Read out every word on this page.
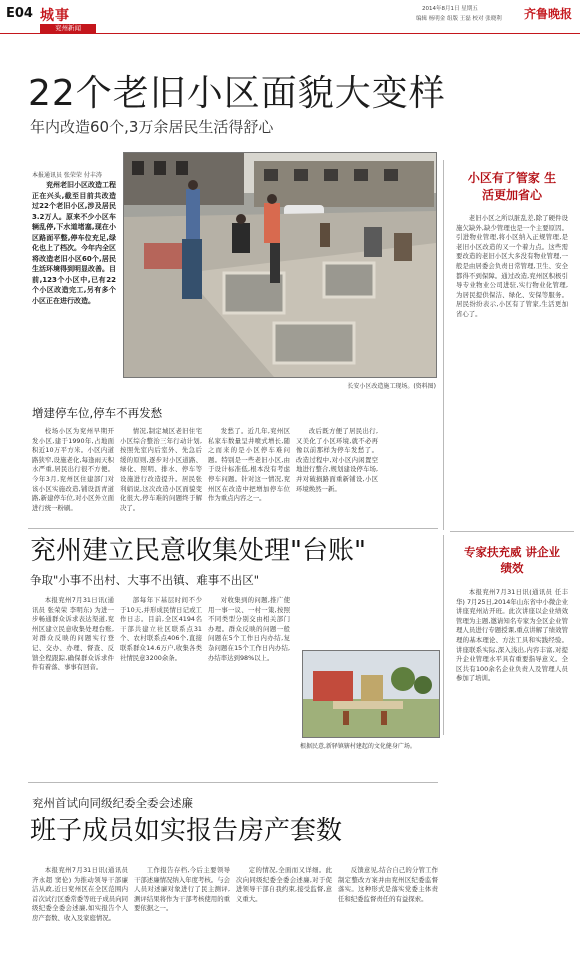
E04 城事
兖州新闻
2014年8月1日 星期五
编辑 杨明金 组版 王磊 校对 张晓利 齐鲁晚报
22个老旧小区面貌大变样
年内改造60个,3万余居民生活得舒心
本报通讯员 张荣荣 付丰涛

兖州老旧小区改造工程正在兴头,截至目前共改造过22个老旧小区,涉及居民3.2万人。原来不少小区车辆乱停,下水道堵塞,现在小区路面平整,停车位充足,绿化也上了档次。今年内全区将改造老旧小区60个,居民生活环境得到明显改善。目前,123个小区中,已有22个小区改造完工,另有多个小区正在进行改造。

长安小区改造施工现场。(资料图)
增建停车位,停车不再发愁

校场小区为兖州早期开发小区,建于1990年,占地面积近10万平方米。小区内道路狭窄,设施老化,每逢雨天积水严重,居民出行很不方便。今年3月,兖州区住建部门对该小区实施改造,铺设沥青道路,新建停车位,对小区外立面进行统一粉刷。

情况,制定城区老旧住宅小区综合整治三年行动计划,按照先室内后室外、先急后缓的原则,逐步对小区道路、绿化、照明、排水、停车等设施进行改造提升。居民张利娟说,这次改造小区面貌变化很大,停车难的问题终于解决了。

发愁了。近几年,兖州区私家车数量呈井喷式增长,随之而来的是小区停车难问题。特别是一些老旧小区,由于设计标准低,根本没有考虑停车问题。针对这一情况,兖州区在改造中把增加停车位作为重点内容之一。

改后既方便了居民出行,又美化了小区环境,就不必再像以前那样为停车发愁了。改造过程中,对小区内闲置空地进行整合,规划建设停车场,并对破损路面重新铺设,小区环境焕然一新。

小区有了管家 生活更加省心

老旧小区之所以脏乱差,除了硬件设施欠缺外,缺少管理也是一个主要原因。引进物业管理,将小区纳入正规管理,是老旧小区改造的又一个着力点。这些需要改造的老旧小区大多没有物业管理,一般是由居委会负责日常管理,卫生、安全都得不到保障。通过改造,兖州区积极引导专业物业公司进驻,实行物业化管理,为居民提供保洁、绿化、安保等服务。居民纷纷表示,小区有了管家,生活更加省心了。

兖州建立民意收集处理"台账"
争取"小事不出村、大事不出镇、难事不出区"

本报兖州7月31日讯(通讯员 张荣荣 李明东) 为进一步畅通群众诉求表达渠道,兖州区建立民意收集处理台账,对群众反映的问题实行登记、交办、办理、督查、反馈全程跟踪,确保群众诉求件件有着落、事事有回音。

部每年下基层时间不少于10天,并形成民情日记或工作日志。目前,全区4194名干部共建立社区联系点31个、农村联系点406个,直接联系群众14.6万户,收集各类社情民意3200余条。

对收集到的问题,推广使用一事一议、一村一策,按照不同类型分别交由相关部门办理。群众反映的问题一般问题在5个工作日内办结,复杂问题在15个工作日内办结,办结率达到98%以上。

根据民意,新驿镇辖村建起的文化健身广场。
专家扶充威 讲企业绩效

本报兖州7月31日讯(通讯员 任丰华) 7月25日,2014年山东省中小微企业讲座兖州站开班。此次讲座以企业绩效管理为主题,邀请知名专家为全区企业管理人员进行专题授课,重点讲解了绩效管理的基本理论、方法工具和实践经验。讲座联系实际,深入浅出,内容丰富,对提升企业管理水平具有重要指导意义。全区共有100余名企业负责人及管理人员参加了培训。

兖州首试向同级纪委全委会述廉
班子成员如实报告房产套数

本报兖州7月31日讯(通讯员 齐永超 窦伦) 为推动领导干部廉洁从政,近日兖州区在全区范围内首次试行区委常委等班子成员向同级纪委全委会述廉,如实报告个人房产套数、收入及家庭情况。

工作报告存档,今后主要领导干部述廉情况纳入年度考核。与会人员对述廉对象进行了民主测评,测评结果将作为干部考核使用的重要依据之一。

定的情况,全面而又详细。此次向同级纪委全委会述廉,对于促进领导干部自我约束,接受监督,意义重大。

反馈意见,结合自己的分管工作制定整改方案并由兖州区纪委监督落实。这种形式是落实党委主体责任和纪委监督责任的有益探索。
